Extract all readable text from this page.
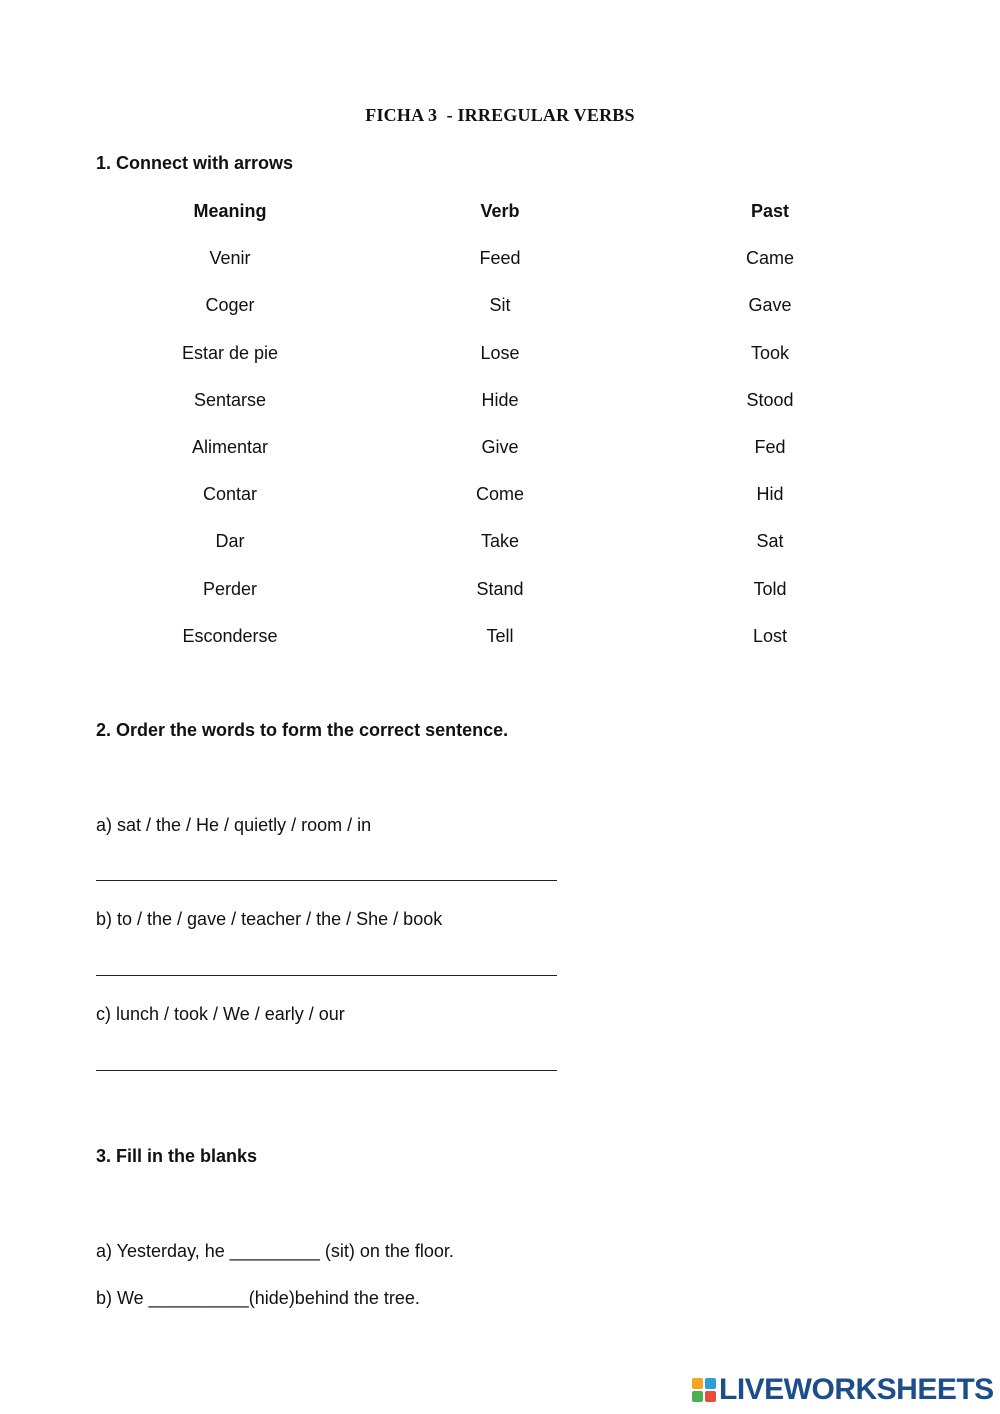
FICHA 3  - IRREGULAR VERBS
1. Connect with arrows
Meaning
Venir
Coger
Estar de pie
Sentarse
Alimentar
Contar
Dar
Perder
Esconderse
Verb
Feed
Sit
Lose
Hide
Give
Come
Take
Stand
Tell
Past
Came
Gave
Took
Stood
Fed
Hid
Sat
Told
Lost
2. Order the words to form the correct sentence.
a) sat / the / He / quietly / room / in
b) to / the / gave / teacher / the / She / book
c) lunch / took / We / early / our
3. Fill in the blanks
a) Yesterday, he _________ (sit) on the floor.
b) We __________(hide)behind the tree.
LIVEWORKSHEETS
